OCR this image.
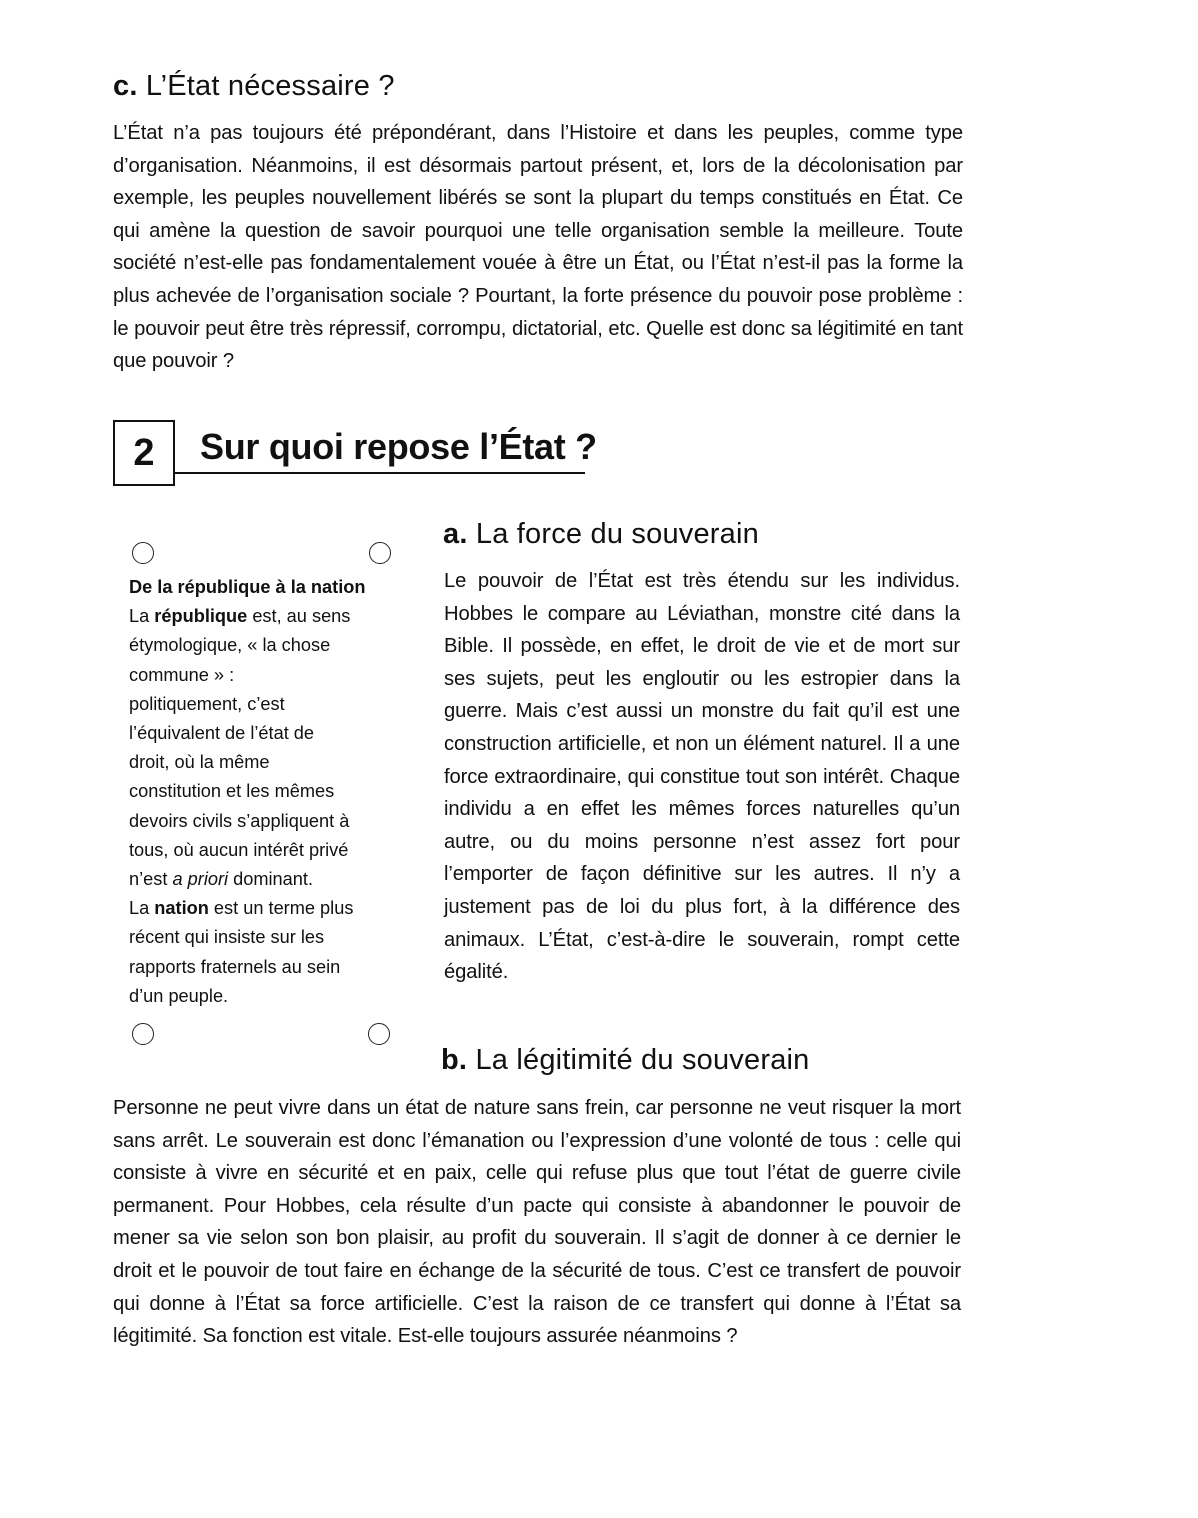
c. L’État nécessaire ?

L’État n’a pas toujours été prépondérant, dans l’Histoire et dans les peuples, comme type d’organisation. Néanmoins, il est désormais partout présent, et, lors de la décolonisation par exemple, les peuples nouvellement libérés se sont la plupart du temps constitués en État. Ce qui amène la question de savoir pourquoi une telle organisation semble la meilleure. Toute société n’est-elle pas fondamentalement vouée à être un État, ou l’État n’est-il pas la forme la plus achevée de l’organisation sociale ? Pourtant, la forte présence du pouvoir pose problème : le pouvoir peut être très répressif, corrompu, dictatorial, etc. Quelle est donc sa légitimité en tant que pouvoir ?

2 Sur quoi repose l’État ?
De la république à la nation
La république est, au sens
étymologique, « la chose
commune » :
politiquement, c’est
l’équivalent de l’état de
droit, où la même
constitution et les mêmes
devoirs civils s’appliquent à
tous, où aucun intérêt privé
n’est a priori dominant.
La nation est un terme plus
récent qui insiste sur les
rapports fraternels au sein
d’un peuple.
a. La force du souverain

Le pouvoir de l’État est très étendu sur les individus. Hobbes le compare au Léviathan, monstre cité dans la Bible. Il possède, en effet, le droit de vie et de mort sur ses sujets, peut les engloutir ou les estropier dans la guerre. Mais c’est aussi un monstre du fait qu’il est une construction artificielle, et non un élément naturel. Il a une force extraordinaire, qui constitue tout son intérêt. Chaque individu a en effet les mêmes forces naturelles qu’un autre, ou du moins personne n’est assez fort pour l’emporter de façon définitive sur les autres. Il n’y a justement pas de loi du plus fort, à la différence des animaux. L’État, c’est-à-dire le souverain, rompt cette égalité.

b. La légitimité du souverain

Personne ne peut vivre dans un état de nature sans frein, car personne ne veut risquer la mort sans arrêt. Le souverain est donc l’émanation ou l’expression d’une volonté de tous : celle qui consiste à vivre en sécurité et en paix, celle qui refuse plus que tout l’état de guerre civile permanent. Pour Hobbes, cela résulte d’un pacte qui consiste à abandonner le pouvoir de mener sa vie selon son bon plaisir, au profit du souverain. Il s’agit de donner à ce dernier le droit et le pouvoir de tout faire en échange de la sécurité de tous. C’est ce transfert de pouvoir qui donne à l’État sa force artificielle. C’est la raison de ce transfert qui donne à l’État sa légitimité. Sa fonction est vitale. Est-elle toujours assurée néanmoins ?
